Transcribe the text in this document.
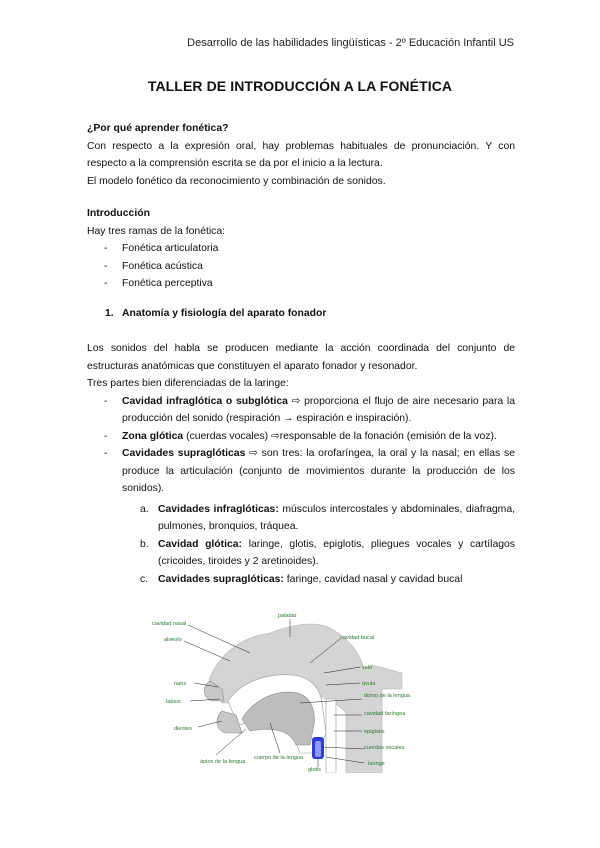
Desarrollo de las habilidades lingüísticas - 2º Educación Infantil US
TALLER DE INTRODUCCIÓN A LA FONÉTICA

¿Por qué aprender fonética?

Con respecto a la expresión oral, hay problemas habituales de pronunciación. Y con respecto a la comprensión escrita se da por el inicio a la lectura.

El modelo fonético da reconocimiento y combinación de sonidos.

Introducción

Hay tres ramas de la fonética:

- Fonética articulatoria

- Fonética acústica

- Fonética perceptiva

1. Anatomía y fisiología del aparato fonador

Los sonidos del habla se producen mediante la acción coordinada del conjunto de estructuras anatómicas que constituyen el aparato fonador y resonador.

Tres partes bien diferenciadas de la laringe:

- Cavidad infraglótica o subglótica ⇨ proporciona el flujo de aire necesario para la producción del sonido (respiración → espiración e inspiración).

- Zona glótica (cuerdas vocales) ⇨responsable de la fonación (emisión de la voz).

- Cavidades supraglóticas ⇨ son tres: la orofaríngea, la oral y la nasal; en ellas se produce la articulación (conjunto de movimientos durante la producción de los sonidos).

a. Cavidades infraglóticas: músculos intercostales y abdominales, diafragma, pulmones, bronquios, tráquea.

b. Cavidad glótica: laringe, glotis, epiglotis, pliegues vocales y cartílagos (cricoides, tiroides y 2 aretinoides).

c. Cavidades supraglóticas: faringe, cavidad nasal y cavidad bucal

cavidad nasal
paladar
cavidad bucal
alvéolo
velo
nariz	úvula
labios
dorso de la lengua
cavidad faríngea
dientes	epiglotis
ápice de la lengua
cuerpo de la lengua
cuerdas vocales
glotis
laringe
